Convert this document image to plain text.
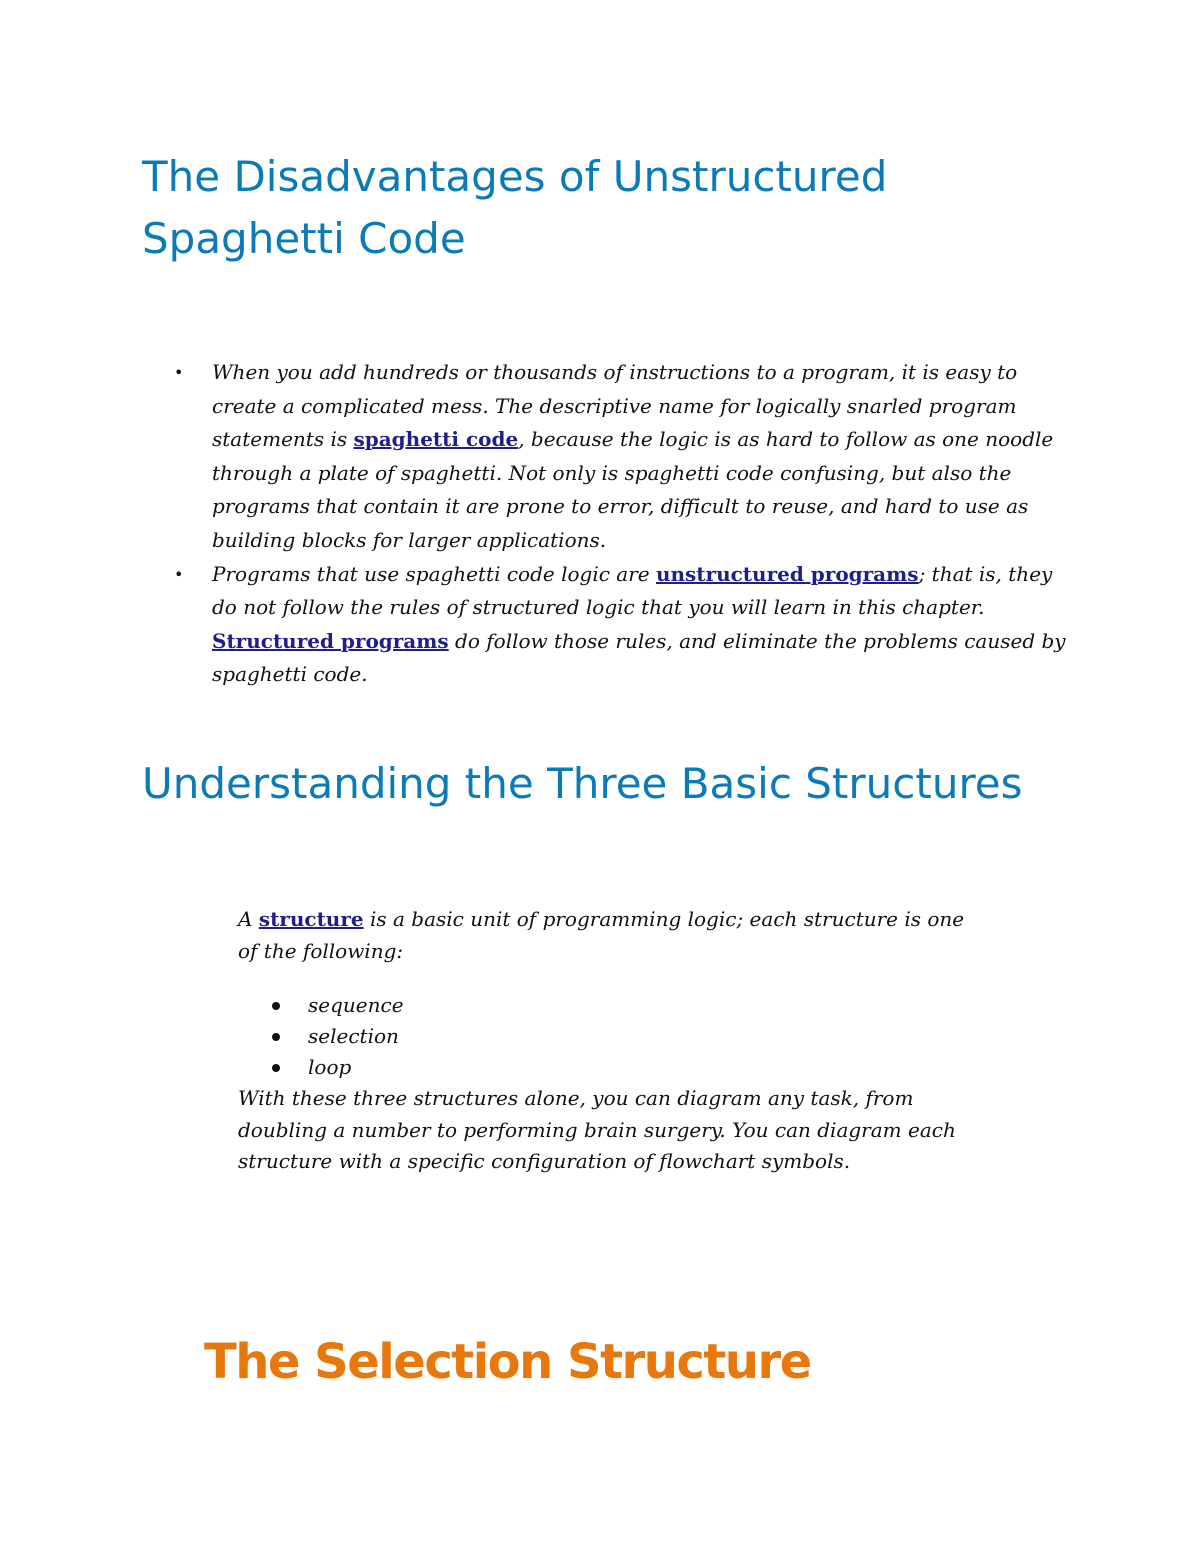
The Disadvantages of Unstructured Spaghetti Code
• When you add hundreds or thousands of instructions to a program, it is easy to create a complicated mess. The descriptive name for logically snarled program statements is spaghetti code, because the logic is as hard to follow as one noodle through a plate of spaghetti. Not only is spaghetti code confusing, but also the programs that contain it are prone to error, difficult to reuse, and hard to use as building blocks for larger applications.
• Programs that use spaghetti code logic are unstructured programs; that is, they do not follow the rules of structured logic that you will learn in this chapter. Structured programs do follow those rules, and eliminate the problems caused by spaghetti code.
Understanding the Three Basic Structures

A structure is a basic unit of programming logic; each structure is one of the following:

sequence
selection
loop

With these three structures alone, you can diagram any task, from doubling a number to performing brain surgery. You can diagram each structure with a specific configuration of flowchart symbols.

The Selection Structure
